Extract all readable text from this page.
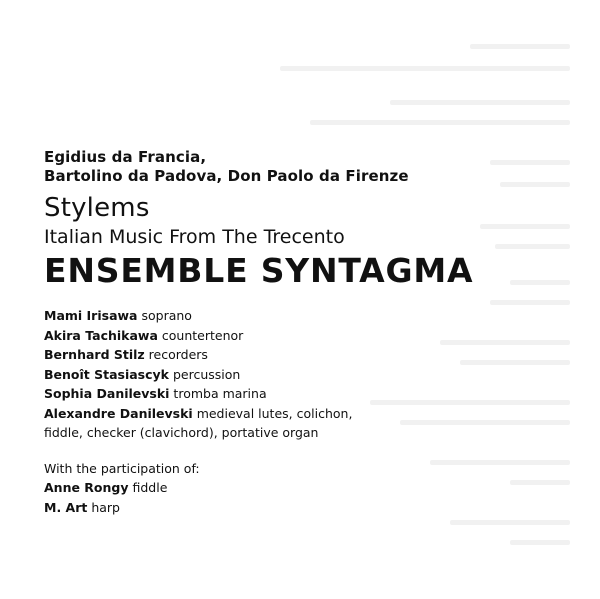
Egidius da Francia,
Bartolino da Padova, Don Paolo da Firenze
Stylems
Italian Music From The Trecento
ENSEMBLE SYNTAGMA
Mami Irisawa soprano
Akira Tachikawa countertenor
Bernhard Stilz recorders
Benoît Stasiascyk percussion
Sophia Danilevski tromba marina
Alexandre Danilevski medieval lutes, colichon, fiddle, checker (clavichord), portative organ
With the participation of:
Anne Rongy fiddle
M. Art harp
